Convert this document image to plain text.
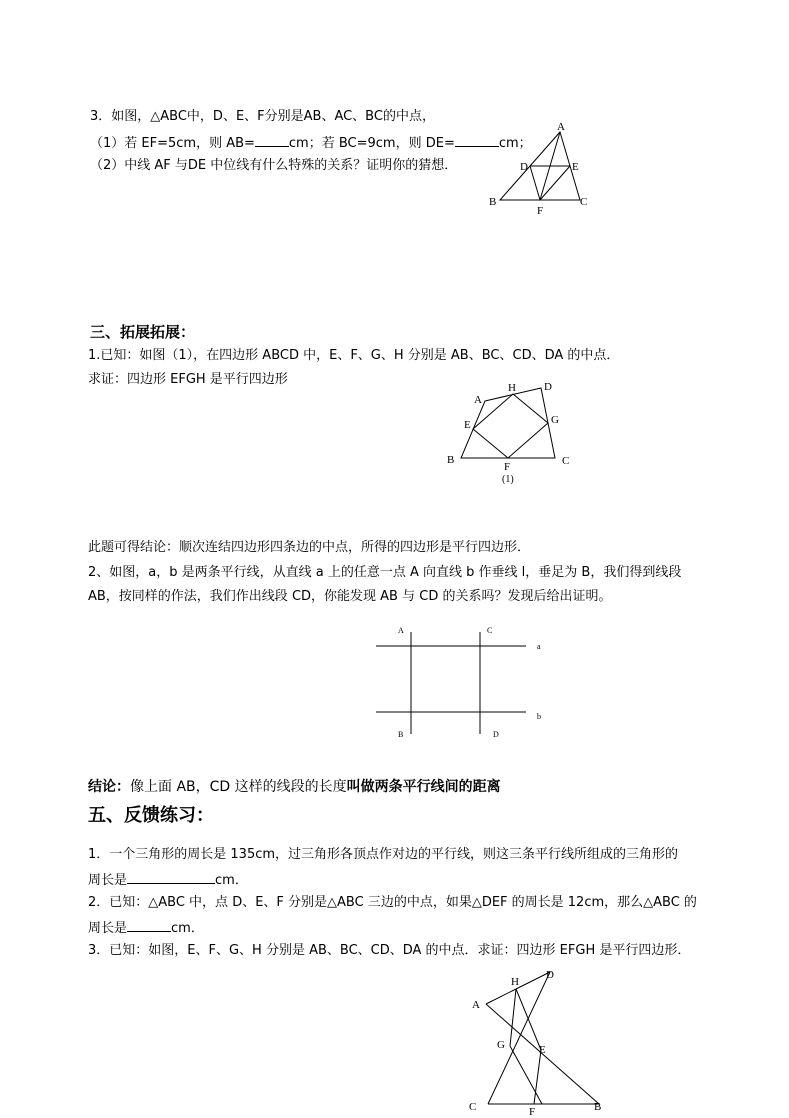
3．如图，△ABC中，D、E、F分别是AB、AC、BC的中点，
（1）若 EF=5cm，则 AB=	cm；若 BC=9cm，则 DE=	cm；
（2）中线 AF 与DE 中位线有什么特殊的关系？证明你的猜想．
A
D	E
B
F
C
三、拓展拓展：
1.已知：如图（1），在四边形 ABCD 中，E、F、G、H 分别是 AB、BC、CD、DA 的中点．
求证：四边形 EFGH 是平行四边形
A
H	D
E	G
B
F	C
(1)
此题可得结论：顺次连结四边形四条边的中点，所得的四边形是平行四边形．
2、如图，a，b 是两条平行线，从直线 a 上的任意一点 A 向直线 b 作垂线 l，垂足为 B，我们得到线段
AB，按同样的作法，我们作出线段 CD，你能发现 AB 与 CD 的关系吗？发现后给出证明。
A	C
a
b
B	D
结论：像上面 AB，CD 这样的线段的长度叫做两条平行线间的距离
五、反馈练习：
1．一个三角形的周长是 135cm，过三角形各顶点作对边的平行线，则这三条平行线所组成的三角形的
周长是	cm．
2．已知：△ABC 中，点 D、E、F 分别是△ABC 三边的中点，如果△DEF 的周长是 12cm，那么△ABC 的
周长是	cm．
3．已知：如图，E、F、G、H 分别是 AB、BC、CD、DA 的中点．求证：四边形 EFGH 是平行四边形．
D
H
A
G	E
C	F	B
